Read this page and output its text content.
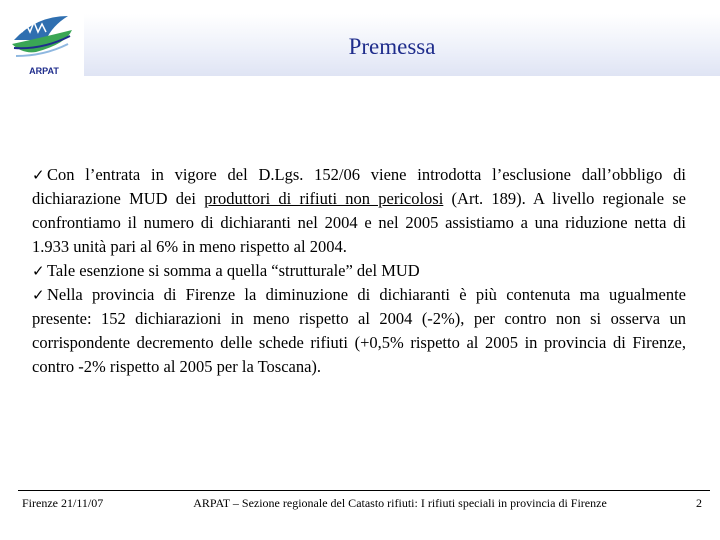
ARPAT
Premessa

✓ Con l’entrata in vigore del D.Lgs. 152/06 viene introdotta l’esclusione dall’obbligo di dichiarazione MUD dei produttori di rifiuti non pericolosi (Art. 189). A livello regionale se confrontiamo il numero di dichiaranti nel 2004 e nel 2005 assistiamo a una riduzione netta di 1.933 unità pari al 6% in meno rispetto al 2004.

✓ Tale esenzione si somma a quella “strutturale” del MUD

✓ Nella provincia di Firenze la diminuzione di dichiaranti è più contenuta ma ugualmente presente: 152 dichiarazioni in meno rispetto al 2004 (-2%), per contro non si osserva un corrispondente decremento delle schede rifiuti (+0,5% rispetto al 2005 in provincia di Firenze, contro -2% rispetto al 2005 per la Toscana).

Firenze 21/11/07	ARPAT – Sezione regionale del Catasto rifiuti: I rifiuti speciali in provincia di Firenze	2
